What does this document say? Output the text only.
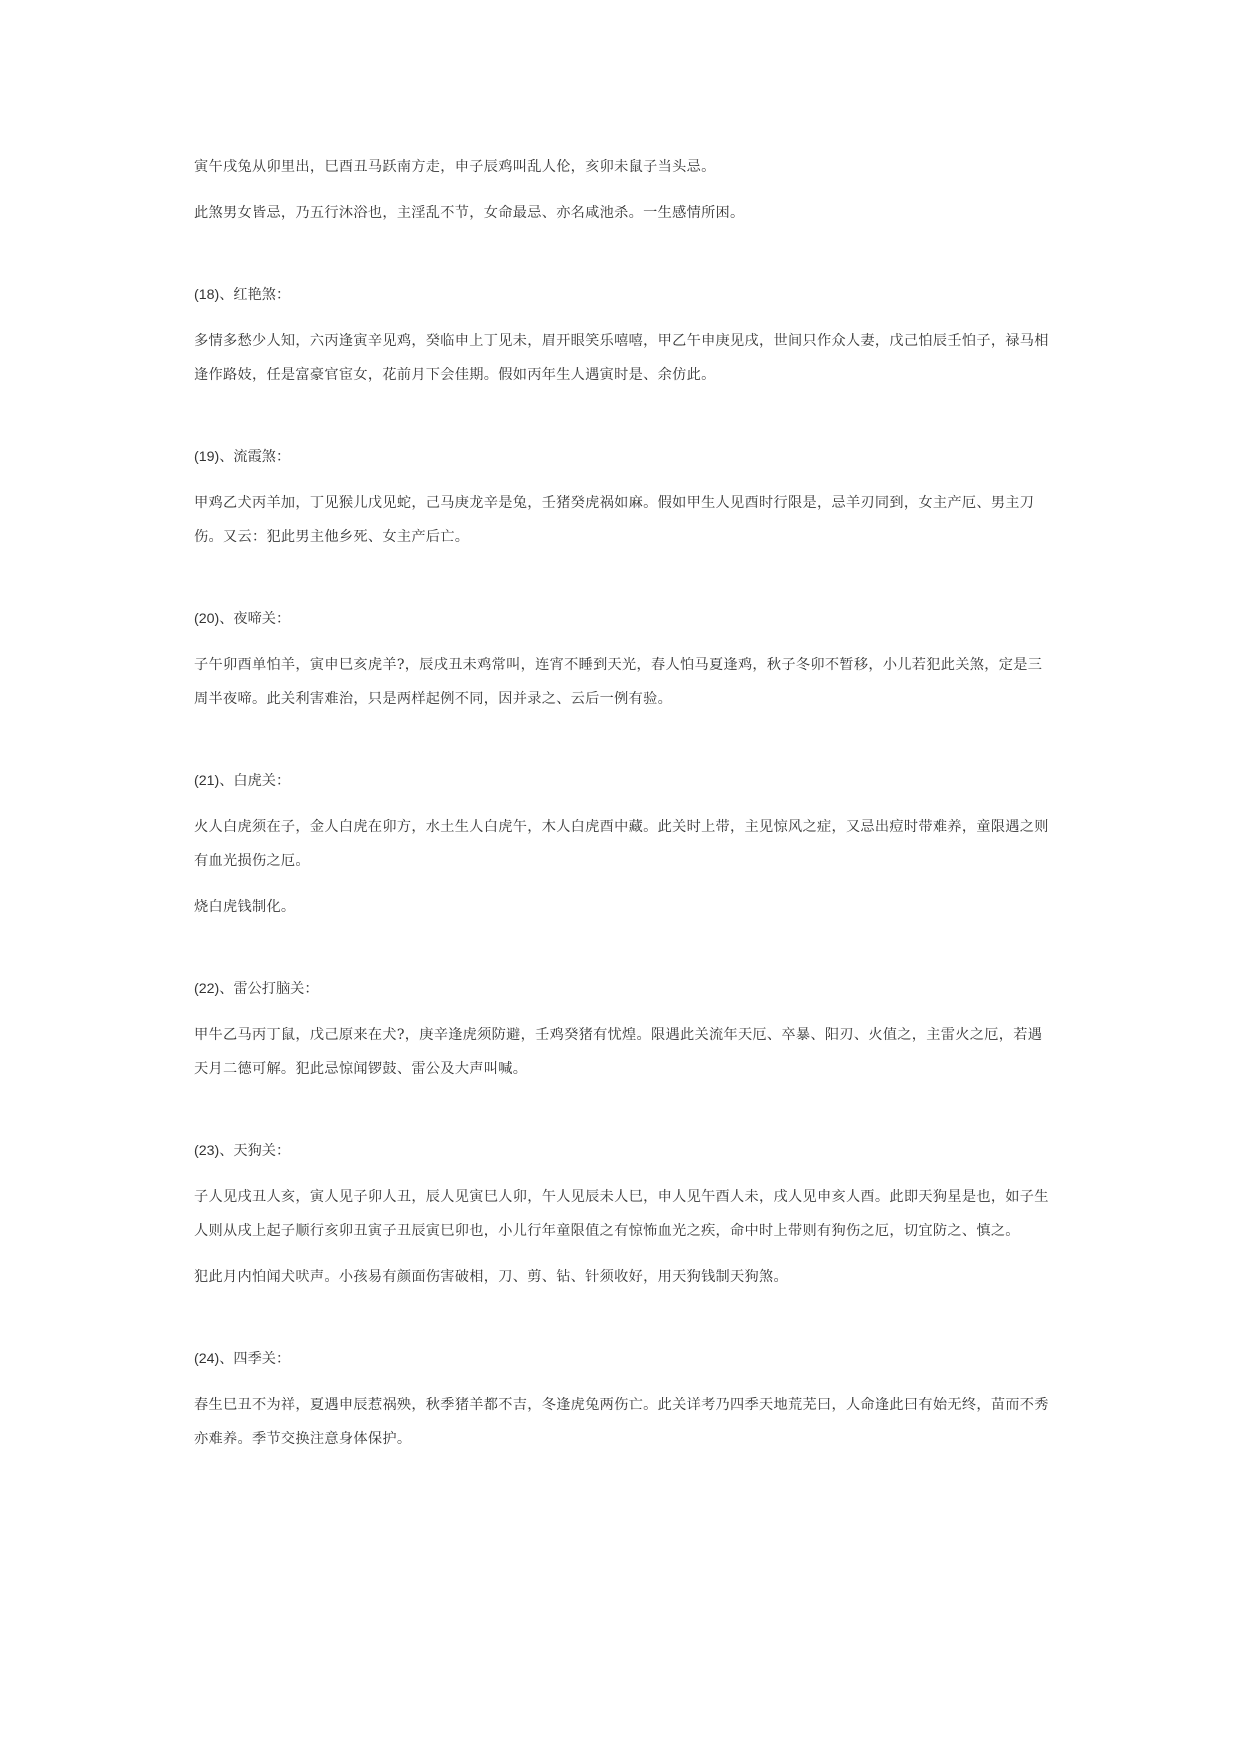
寅午戌兔从卯里出，巳酉丑马跃南方走，申子辰鸡叫乱人伦，亥卯未鼠子当头忌。

此煞男女皆忌，乃五行沐浴也，主淫乱不节，女命最忌、亦名咸池杀。一生感情所困。

(18)、红艳煞：

多情多愁少人知，六丙逢寅辛见鸡，癸临申上丁见未，眉开眼笑乐嘻嘻，甲乙午申庚见戌，世间只作众人妻，戊己怕辰壬怕子，禄马相逢作路妓，任是富豪官宦女，花前月下会佳期。假如丙年生人遇寅时是、余仿此。

(19)、流霞煞：

甲鸡乙犬丙羊加，丁见猴儿戊见蛇，己马庚龙辛是兔，壬猪癸虎祸如麻。假如甲生人见酉时行限是，忌羊刃同到，女主产厄、男主刀伤。又云：犯此男主他乡死、女主产后亡。

(20)、夜啼关：

子午卯酉单怕羊，寅申巳亥虎羊?，辰戌丑未鸡常叫，连宵不睡到天光，春人怕马夏逢鸡，秋子冬卯不暂移，小儿若犯此关煞，定是三周半夜啼。此关利害难治，只是两样起例不同，因并录之、云后一例有验。

(21)、白虎关：

火人白虎须在子，金人白虎在卯方，水土生人白虎午，木人白虎酉中藏。此关时上带，主见惊风之症，又忌出痘时带难养，童限遇之则有血光损伤之厄。

烧白虎钱制化。

(22)、雷公打脑关：

甲牛乙马丙丁鼠，戊己原来在犬?，庚辛逢虎须防避，壬鸡癸猪有忧煌。限遇此关流年天厄、卒暴、阳刃、火值之，主雷火之厄，若遇天月二德可解。犯此忌惊闻锣鼓、雷公及大声叫喊。

(23)、天狗关：

子人见戌丑人亥，寅人见子卯人丑，辰人见寅巳人卯，午人见辰未人巳，申人见午酉人未，戌人见申亥人酉。此即天狗星是也，如子生人则从戌上起子顺行亥卯丑寅子丑辰寅巳卯也，小儿行年童限值之有惊怖血光之疾，命中时上带则有狗伤之厄，切宜防之、慎之。

犯此月内怕闻犬吠声。小孩易有颜面伤害破相，刀、剪、钻、针须收好，用天狗钱制天狗煞。

(24)、四季关：

春生巳丑不为祥，夏遇申辰惹祸殃，秋季猪羊都不吉，冬逢虎兔两伤亡。此关详考乃四季天地荒芜曰，人命逢此曰有始无终，苗而不秀亦难养。季节交换注意身体保护。
